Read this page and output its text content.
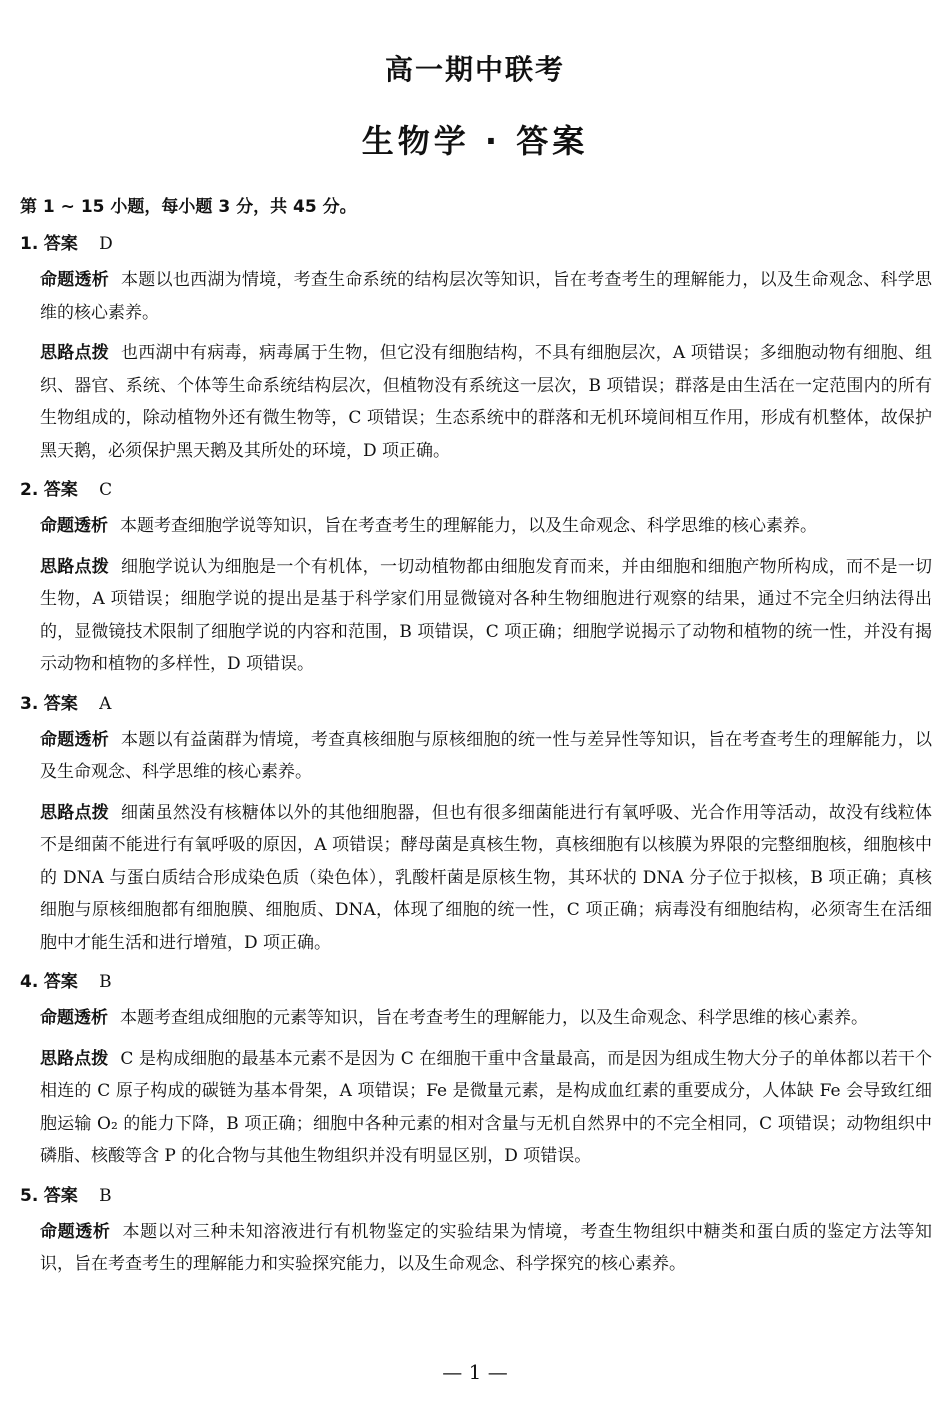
高一期中联考
生物学 · 答案
第 1 ~ 15 小题，每小题 3 分，共 45 分。
1. 答案 D

命题透析 本题以也西湖为情境，考查生命系统的结构层次等知识，旨在考查考生的理解能力，以及生命观念、科学思维的核心素养。

思路点拨 也西湖中有病毒，病毒属于生物，但它没有细胞结构，不具有细胞层次，A 项错误；多细胞动物有细胞、组织、器官、系统、个体等生命系统结构层次，但植物没有系统这一层次，B 项错误；群落是由生活在一定范围内的所有生物组成的，除动植物外还有微生物等，C 项错误；生态系统中的群落和无机环境间相互作用，形成有机整体，故保护黑天鹅，必须保护黑天鹅及其所处的环境，D 项正确。

2. 答案 C

命题透析 本题考查细胞学说等知识，旨在考查考生的理解能力，以及生命观念、科学思维的核心素养。

思路点拨 细胞学说认为细胞是一个有机体，一切动植物都由细胞发育而来，并由细胞和细胞产物所构成，而不是一切生物，A 项错误；细胞学说的提出是基于科学家们用显微镜对各种生物细胞进行观察的结果，通过不完全归纳法得出的，显微镜技术限制了细胞学说的内容和范围，B 项错误，C 项正确；细胞学说揭示了动物和植物的统一性，并没有揭示动物和植物的多样性，D 项错误。

3. 答案 A

命题透析 本题以有益菌群为情境，考查真核细胞与原核细胞的统一性与差异性等知识，旨在考查考生的理解能力，以及生命观念、科学思维的核心素养。

思路点拨 细菌虽然没有核糖体以外的其他细胞器，但也有很多细菌能进行有氧呼吸、光合作用等活动，故没有线粒体不是细菌不能进行有氧呼吸的原因，A 项错误；酵母菌是真核生物，真核细胞有以核膜为界限的完整细胞核，细胞核中的 DNA 与蛋白质结合形成染色质（染色体），乳酸杆菌是原核生物，其环状的 DNA 分子位于拟核，B 项正确；真核细胞与原核细胞都有细胞膜、细胞质、DNA，体现了细胞的统一性，C 项正确；病毒没有细胞结构，必须寄生在活细胞中才能生活和进行增殖，D 项正确。

4. 答案 B

命题透析 本题考查组成细胞的元素等知识，旨在考查考生的理解能力，以及生命观念、科学思维的核心素养。

思路点拨 C 是构成细胞的最基本元素不是因为 C 在细胞干重中含量最高，而是因为组成生物大分子的单体都以若干个相连的 C 原子构成的碳链为基本骨架，A 项错误；Fe 是微量元素，是构成血红素的重要成分，人体缺 Fe 会导致红细胞运输 O₂ 的能力下降，B 项正确；细胞中各种元素的相对含量与无机自然界中的不完全相同，C 项错误；动物组织中磷脂、核酸等含 P 的化合物与其他生物组织并没有明显区别，D 项错误。

5. 答案 B

命题透析 本题以对三种未知溶液进行有机物鉴定的实验结果为情境，考查生物组织中糖类和蛋白质的鉴定方法等知识，旨在考查考生的理解能力和实验探究能力，以及生命观念、科学探究的核心素养。

— 1 —
